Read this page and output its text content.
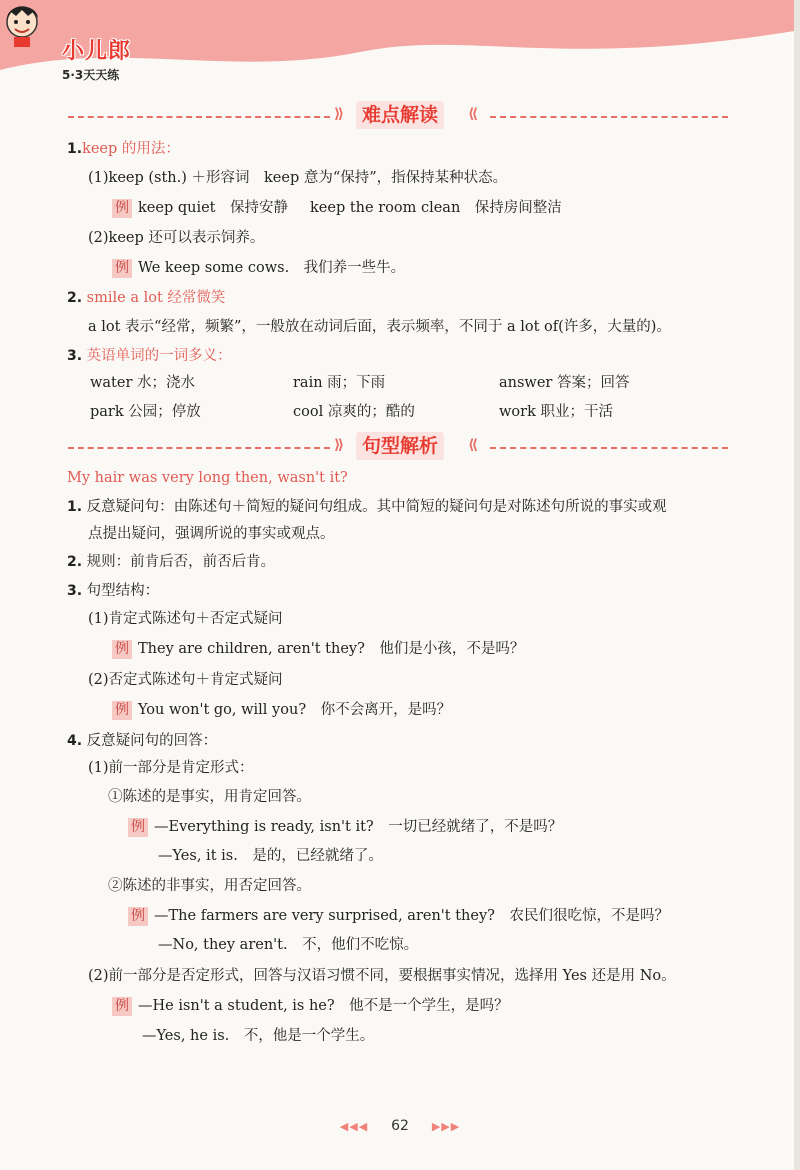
小儿郎
5·3天天练
⟫ 难点解读	⟪
1.keep 的用法：
(1)keep (sth.) ＋形容词　keep 意为“保持”，指保持某种状态。
例 keep quiet　保持安静 keep the room clean　保持房间整洁
(2)keep 还可以表示饲养。
例 We keep some cows.　我们养一些牛。
2. smile a lot 经常微笑
a lot 表示“经常，频繁”，一般放在动词后面，表示频率，不同于 a lot of(许多，大量的)。
3. 英语单词的一词多义：
water 水；浇水	rain 雨；下雨	answer 答案；回答
park 公园；停放	cool 凉爽的；酷的	work 职业；干活
⟫ 句型解析	⟪
My hair was very long then, wasn't it?
1. 反意疑问句：由陈述句＋简短的疑问句组成。其中简短的疑问句是对陈述句所说的事实或观
点提出疑问，强调所说的事实或观点。
2. 规则：前肯后否，前否后肯。
3. 句型结构：
(1)肯定式陈述句＋否定式疑问
例 They are children, aren't they?　他们是小孩，不是吗？
(2)否定式陈述句＋肯定式疑问
例 You won't go, will you?　你不会离开，是吗？
4. 反意疑问句的回答：
(1)前一部分是肯定形式：
①陈述的是事实，用肯定回答。
例 —Everything is ready, isn't it?　一切已经就绪了，不是吗？
—Yes, it is.　是的，已经就绪了。
②陈述的非事实，用否定回答。
例 —The farmers are very surprised, aren't they?　农民们很吃惊，不是吗？
—No, they aren't.　不，他们不吃惊。
(2)前一部分是否定形式，回答与汉语习惯不同，要根据事实情况，选择用 Yes 还是用 No。
例 —He isn't a student, is he?　他不是一个学生，是吗？
—Yes, he is.　不，他是一个学生。
◀◀◀ 62 ▶▶▶
